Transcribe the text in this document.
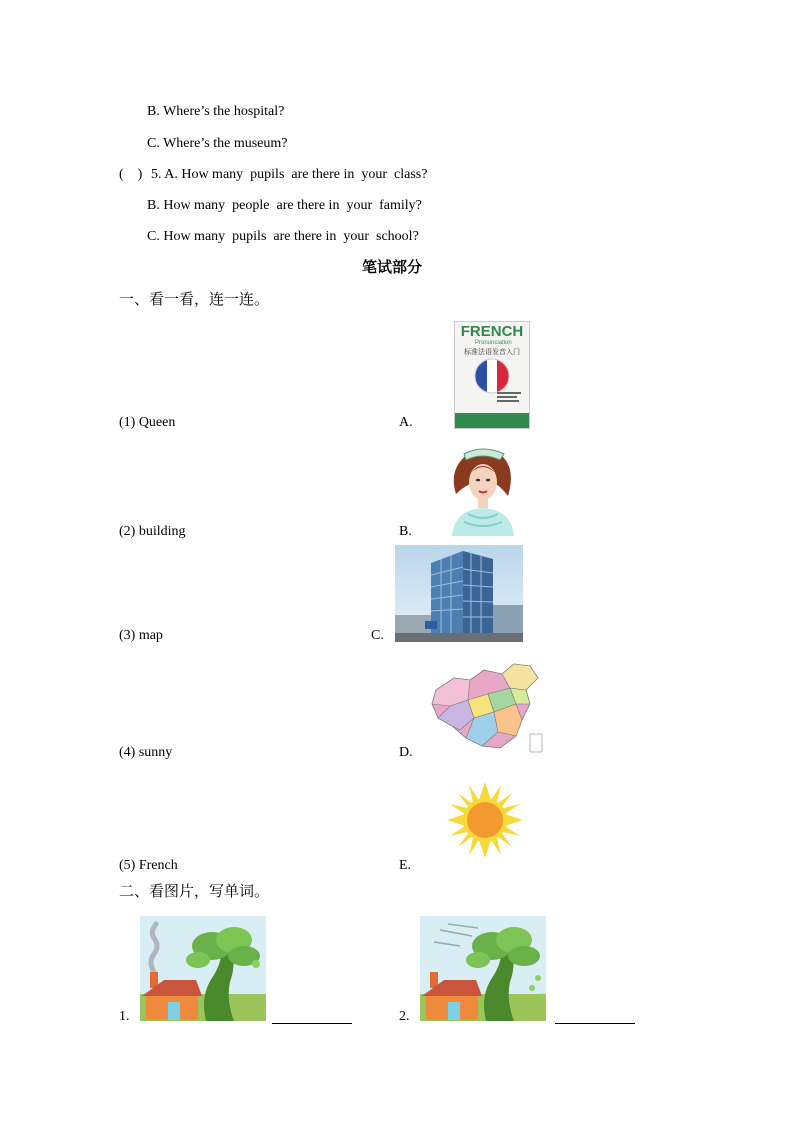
B. Where’s the hospital?
C. Where’s the museum?
(    ) 5. A. How many  pupils  are there in  your  class?
B. How many  people  are there in  your  family?
C. How many  pupils  are there in  your  school?
笔试部分
一、看一看，连一连。
(1) Queen
(2) building
(3) map
(4) sunny
(5) French
A.
B.
C.
D.
E.
FRENCH
Pronunciation
标准法语发音入门
二、看图片，写单词。
1.	2.
